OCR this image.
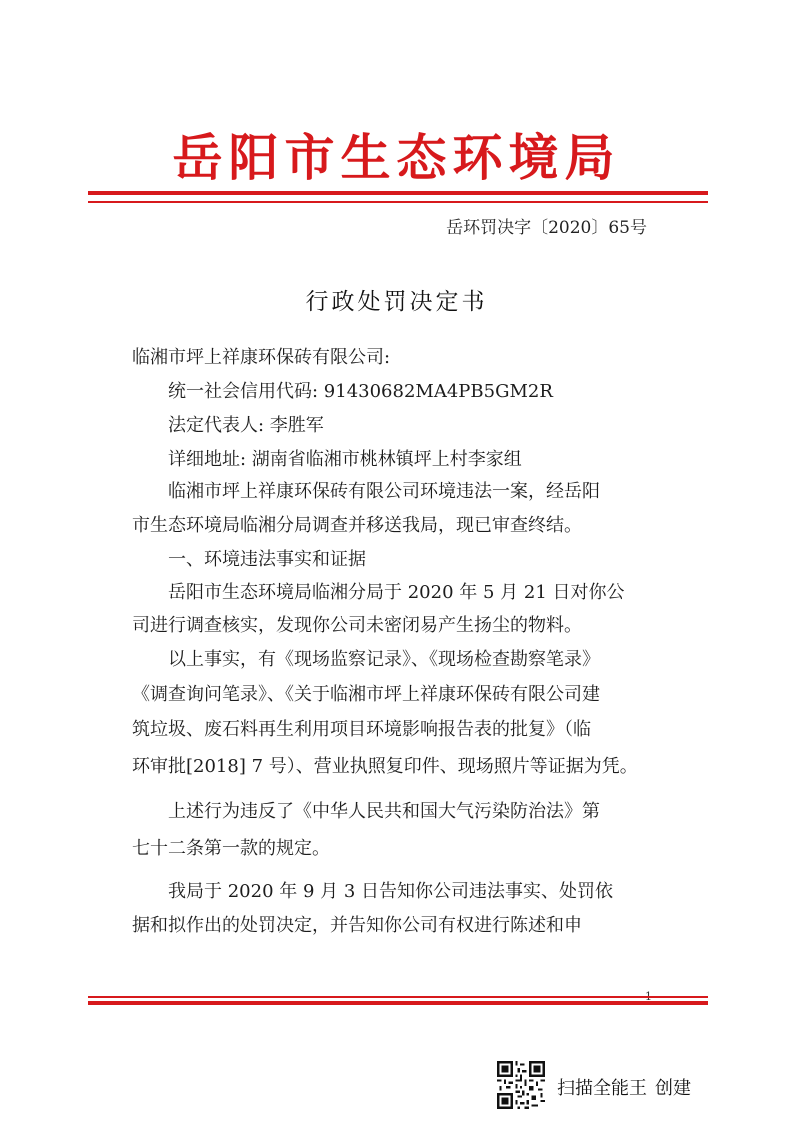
岳阳市生态环境局
岳环罚决字〔2020〕65号
行政处罚决定书
临湘市坪上祥康环保砖有限公司:
统一社会信用代码: 91430682MA4PB5GM2R
法定代表人: 李胜军
详细地址: 湖南省临湘市桃林镇坪上村李家组
临湘市坪上祥康环保砖有限公司环境违法一案，经岳阳
市生态环境局临湘分局调查并移送我局，现已审查终结。
一、环境违法事实和证据
岳阳市生态环境局临湘分局于 2020 年 5 月 21 日对你公
司进行调查核实，发现你公司未密闭易产生扬尘的物料。
以上事实，有《现场监察记录》、《现场检查勘察笔录》
《调查询问笔录》、《关于临湘市坪上祥康环保砖有限公司建
筑垃圾、废石料再生利用项目环境影响报告表的批复》（临
环审批[2018] 7 号）、营业执照复印件、现场照片等证据为凭。
上述行为违反了《中华人民共和国大气污染防治法》第
七十二条第一款的规定。
我局于 2020 年 9 月 3 日告知你公司违法事实、处罚依
据和拟作出的处罚决定，并告知你公司有权进行陈述和申
扫描全能王 创建
